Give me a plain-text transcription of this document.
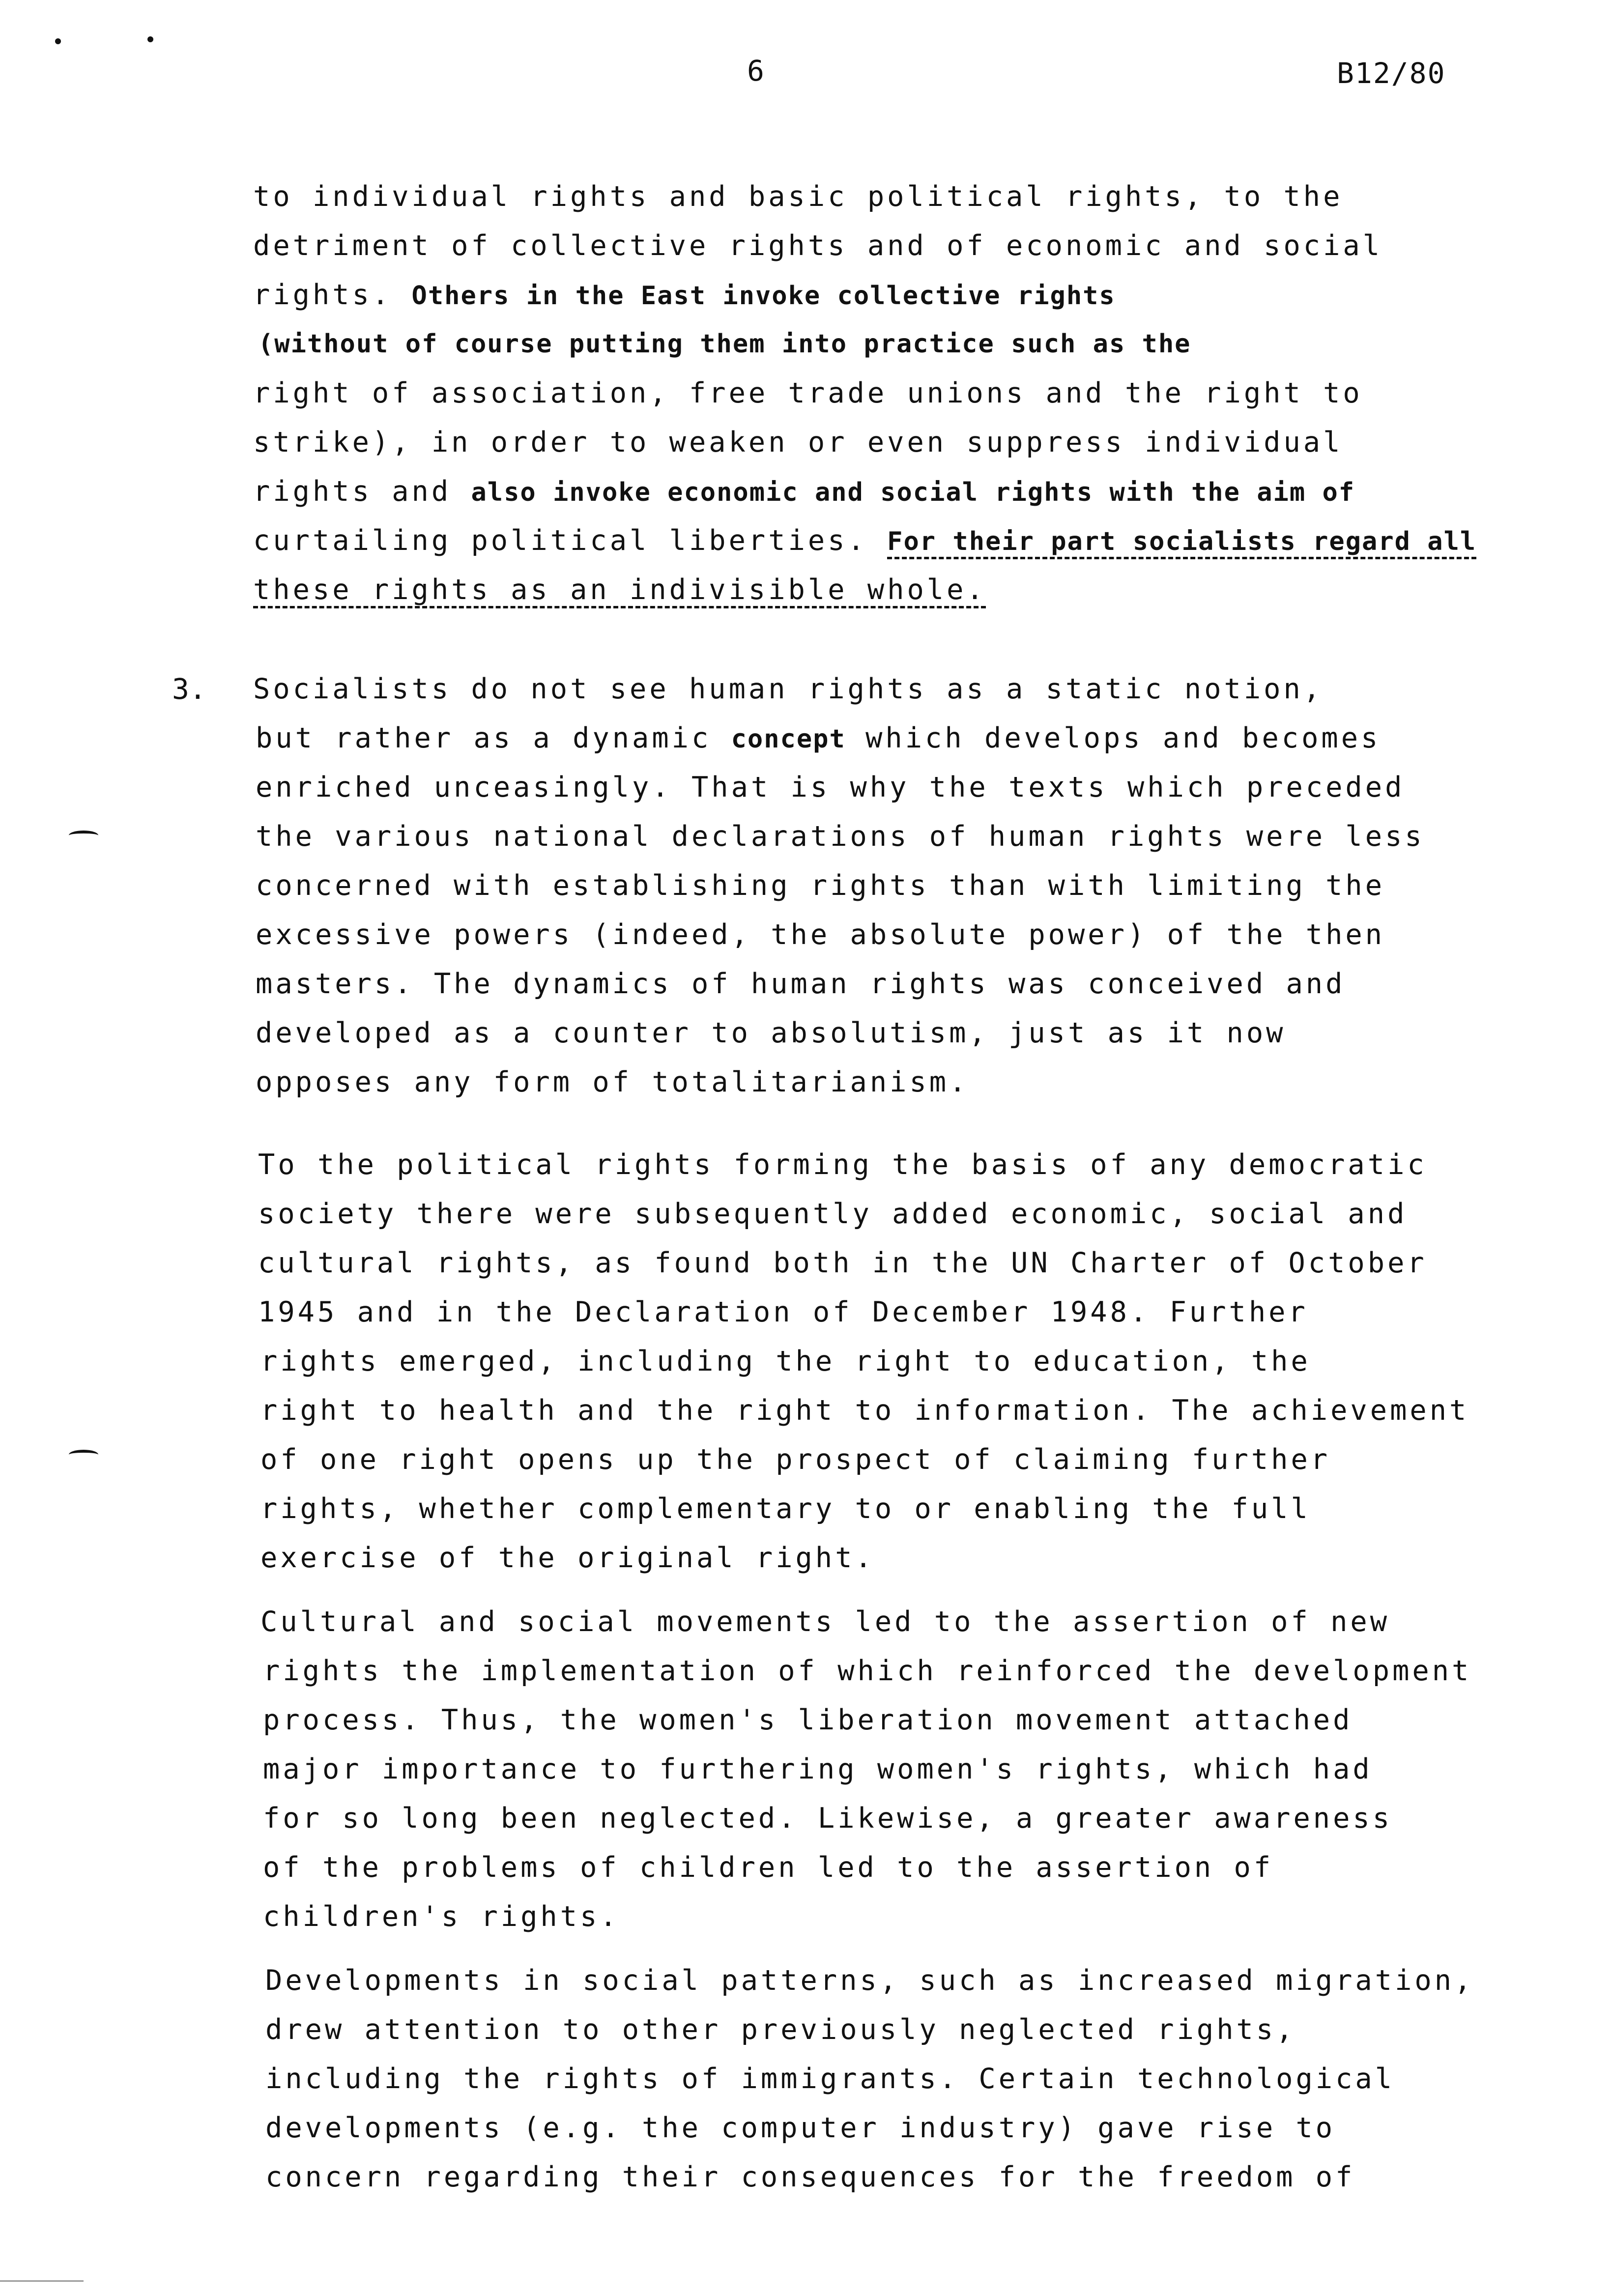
6	B12/80
to individual rights and basic political rights, to the
detriment of collective rights and of economic and social
rights. Others in the East invoke collective rights
(without of course putting them into practice such as the
right of association, free trade unions and the right to
strike), in order to weaken or even suppress individual
rights and also invoke economic and social rights with the aim of
curtailing political liberties. For their part socialists regard all
these rights as an indivisible whole.
3. Socialists do not see human rights as a static notion,
but rather as a dynamic concept which develops and becomes
enriched unceasingly. That is why the texts which preceded
the various national declarations of human rights were less
concerned with establishing rights than with limiting the
excessive powers (indeed, the absolute power) of the then
masters. The dynamics of human rights was conceived and
developed as a counter to absolutism, just as it now
opposes any form of totalitarianism.
To the political rights forming the basis of any democratic
society there were subsequently added economic, social and
cultural rights, as found both in the UN Charter of October
1945 and in the Declaration of December 1948. Further
rights emerged, including the right to education, the
right to health and the right to information. The achievement
of one right opens up the prospect of claiming further
rights, whether complementary to or enabling the full
exercise of the original right.
Cultural and social movements led to the assertion of new
rights the implementation of which reinforced the development
process. Thus, the women's liberation movement attached
major importance to furthering women's rights, which had
for so long been neglected. Likewise, a greater awareness
of the problems of children led to the assertion of
children's rights.
Developments in social patterns, such as increased migration,
drew attention to other previously neglected rights,
including the rights of immigrants. Certain technological
developments (e.g. the computer industry) gave rise to
concern regarding their consequences for the freedom of
